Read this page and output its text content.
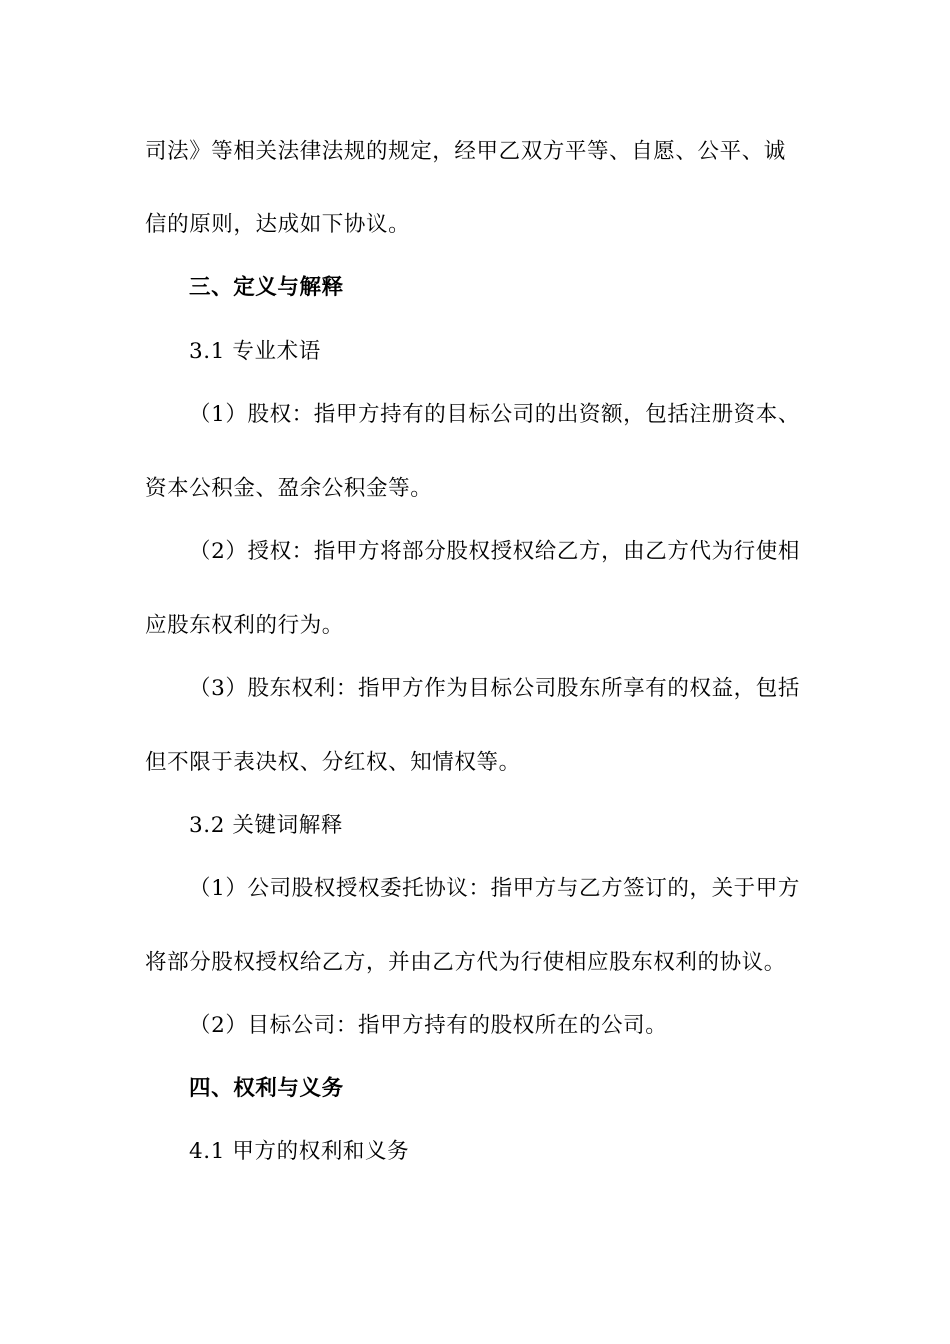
司法》等相关法律法规的规定，经甲乙双方平等、自愿、公平、诚
信的原则，达成如下协议。
三、定义与解释
3.1 专业术语
（1）股权：指甲方持有的目标公司的出资额，包括注册资本、
资本公积金、盈余公积金等。
（2）授权：指甲方将部分股权授权给乙方，由乙方代为行使相
应股东权利的行为。
（3）股东权利：指甲方作为目标公司股东所享有的权益，包括
但不限于表决权、分红权、知情权等。
3.2 关键词解释
（1）公司股权授权委托协议：指甲方与乙方签订的，关于甲方
将部分股权授权给乙方，并由乙方代为行使相应股东权利的协议。
（2）目标公司：指甲方持有的股权所在的公司。
四、权利与义务
4.1 甲方的权利和义务
